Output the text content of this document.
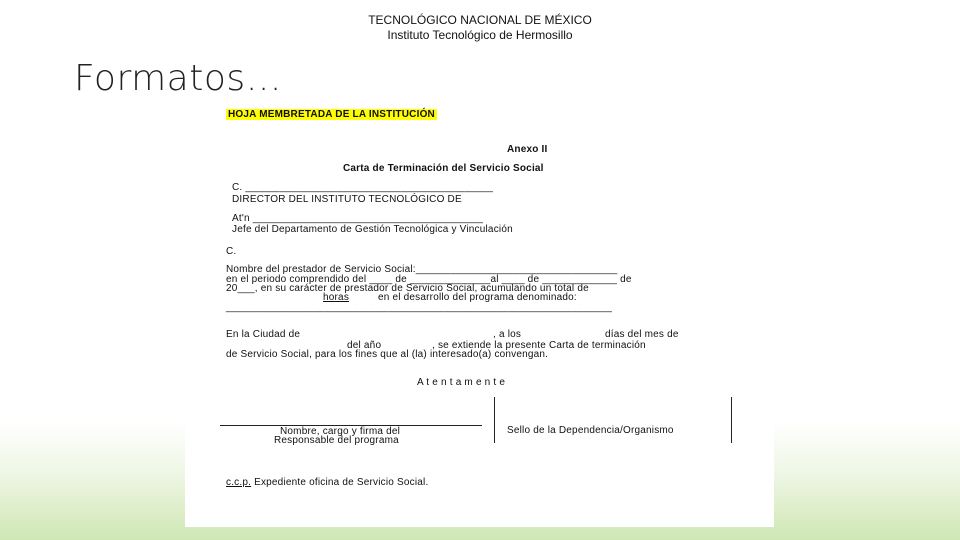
TECNOLÓGICO NACIONAL DE MÉXICO
Instituto Tecnológico de Hermosillo
Formatos…
HOJA MEMBRETADA DE LA INSTITUCIÓN
Anexo II
Carta de Terminación del Servicio Social
C. ___________________________________________
DIRECTOR DEL INSTITUTO TECNOLÓGICO DE
At'n ________________________________________
Jefe del Departamento de Gestión Tecnológica y Vinculación
C.
Nombre del prestador de Servicio Social:___________________________________
en el periodo comprendido del ____ de ______________al ____ de _____________ de
20___, en su carácter de prestador de Servicio Social, acumulando un total de
horas	en el desarrollo del programa denominado:
___________________________________________________________________
En la Ciudad de	, a los	días del mes de
del año	, se extiende la presente Carta de terminación
de Servicio Social, para los fines que al (la) interesado(a) convengan.
A t e n t a m e n t e
Nombre, cargo y firma del
Responsable del programa
Sello de la Dependencia/Organismo
c.c.p. Expediente oficina de Servicio Social.
